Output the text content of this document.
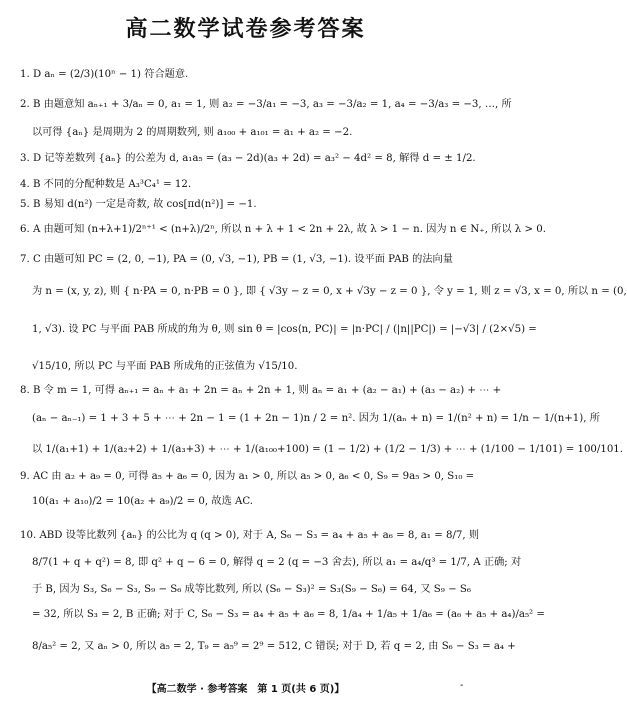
高二数学试卷参考答案
1. D aₙ = (2/3)(10ⁿ − 1) 符合题意.
2. B 由题意知 aₙ₊₁ + 3/aₙ = 0, a₁ = 1, 则 a₂ = −3/a₁ = −3, a₃ = −3/a₂ = 1, a₄ = −3/a₃ = −3, …, 所
以可得 {aₙ} 是周期为 2 的周期数列, 则 a₁₀₀ + a₁₀₁ = a₁ + a₂ = −2.
3. D 记等差数列 {aₙ} 的公差为 d, a₁a₅ = (a₃ − 2d)(a₃ + 2d) = a₃² − 4d² = 8, 解得 d = ± 1/2.
4. B 不同的分配种数是 A₃³C₄¹ = 12.
5. B 易知 d(n²) 一定是奇数, 故 cos[πd(n²)] = −1.
6. A 由题可知 (n+λ+1)/2ⁿ⁺¹ < (n+λ)/2ⁿ, 所以 n + λ + 1 < 2n + 2λ, 故 λ > 1 − n. 因为 n ∈ N₊, 所以 λ > 0.
7. C 由题可知 PC = (2, 0, −1), PA = (0, √3, −1), PB = (1, √3, −1). 设平面 PAB 的法向量
为 n = (x, y, z), 则 { n·PA = 0, n·PB = 0 }, 即 { √3y − z = 0, x + √3y − z = 0 }, 令 y = 1, 则 z = √3, x = 0, 所以 n = (0,
1, √3). 设 PC 与平面 PAB 所成的角为 θ, 则 sin θ = |cos⟨n, PC⟩| = |n·PC| / (|n||PC|) = |−√3| / (2×√5) =
√15/10, 所以 PC 与平面 PAB 所成角的正弦值为 √15/10.
8. B 令 m = 1, 可得 aₙ₊₁ = aₙ + a₁ + 2n = aₙ + 2n + 1, 则 aₙ = a₁ + (a₂ − a₁) + (a₃ − a₂) + ⋯ +
(aₙ − aₙ₋₁) = 1 + 3 + 5 + ⋯ + 2n − 1 = (1 + 2n − 1)n / 2 = n². 因为 1/(aₙ + n) = 1/(n² + n) = 1/n − 1/(n+1), 所
以 1/(a₁+1) + 1/(a₂+2) + 1/(a₃+3) + ⋯ + 1/(a₁₀₀+100) = (1 − 1/2) + (1/2 − 1/3) + ⋯ + (1/100 − 1/101) = 100/101.
9. AC 由 a₂ + a₉ = 0, 可得 a₅ + a₆ = 0, 因为 a₁ > 0, 所以 a₅ > 0, a₆ < 0, S₉ = 9a₅ > 0, S₁₀ =
10(a₁ + a₁₀)/2 = 10(a₂ + a₉)/2 = 0, 故选 AC.
10. ABD 设等比数列 {aₙ} 的公比为 q (q > 0), 对于 A, S₆ − S₃ = a₄ + a₅ + a₆ = 8, a₁ = 8/7, 则
8/7(1 + q + q²) = 8, 即 q² + q − 6 = 0, 解得 q = 2 (q = −3 舍去), 所以 a₁ = a₄/q³ = 1/7, A 正确; 对
于 B, 因为 S₃, S₆ − S₃, S₉ − S₆ 成等比数列, 所以 (S₆ − S₃)² = S₃(S₉ − S₆) = 64, 又 S₉ − S₆
= 32, 所以 S₃ = 2, B 正确; 对于 C, S₆ − S₃ = a₄ + a₅ + a₆ = 8, 1/a₄ + 1/a₅ + 1/a₆ = (a₆ + a₅ + a₄)/a₅² =
8/a₅² = 2, 又 aₙ > 0, 所以 a₅ = 2, T₉ = a₅⁹ = 2⁹ = 512, C 错误; 对于 D, 若 q = 2, 由 S₆ − S₃ = a₄ +
【高二数学 · 参考答案　第 1 页(共 6 页)】	-
